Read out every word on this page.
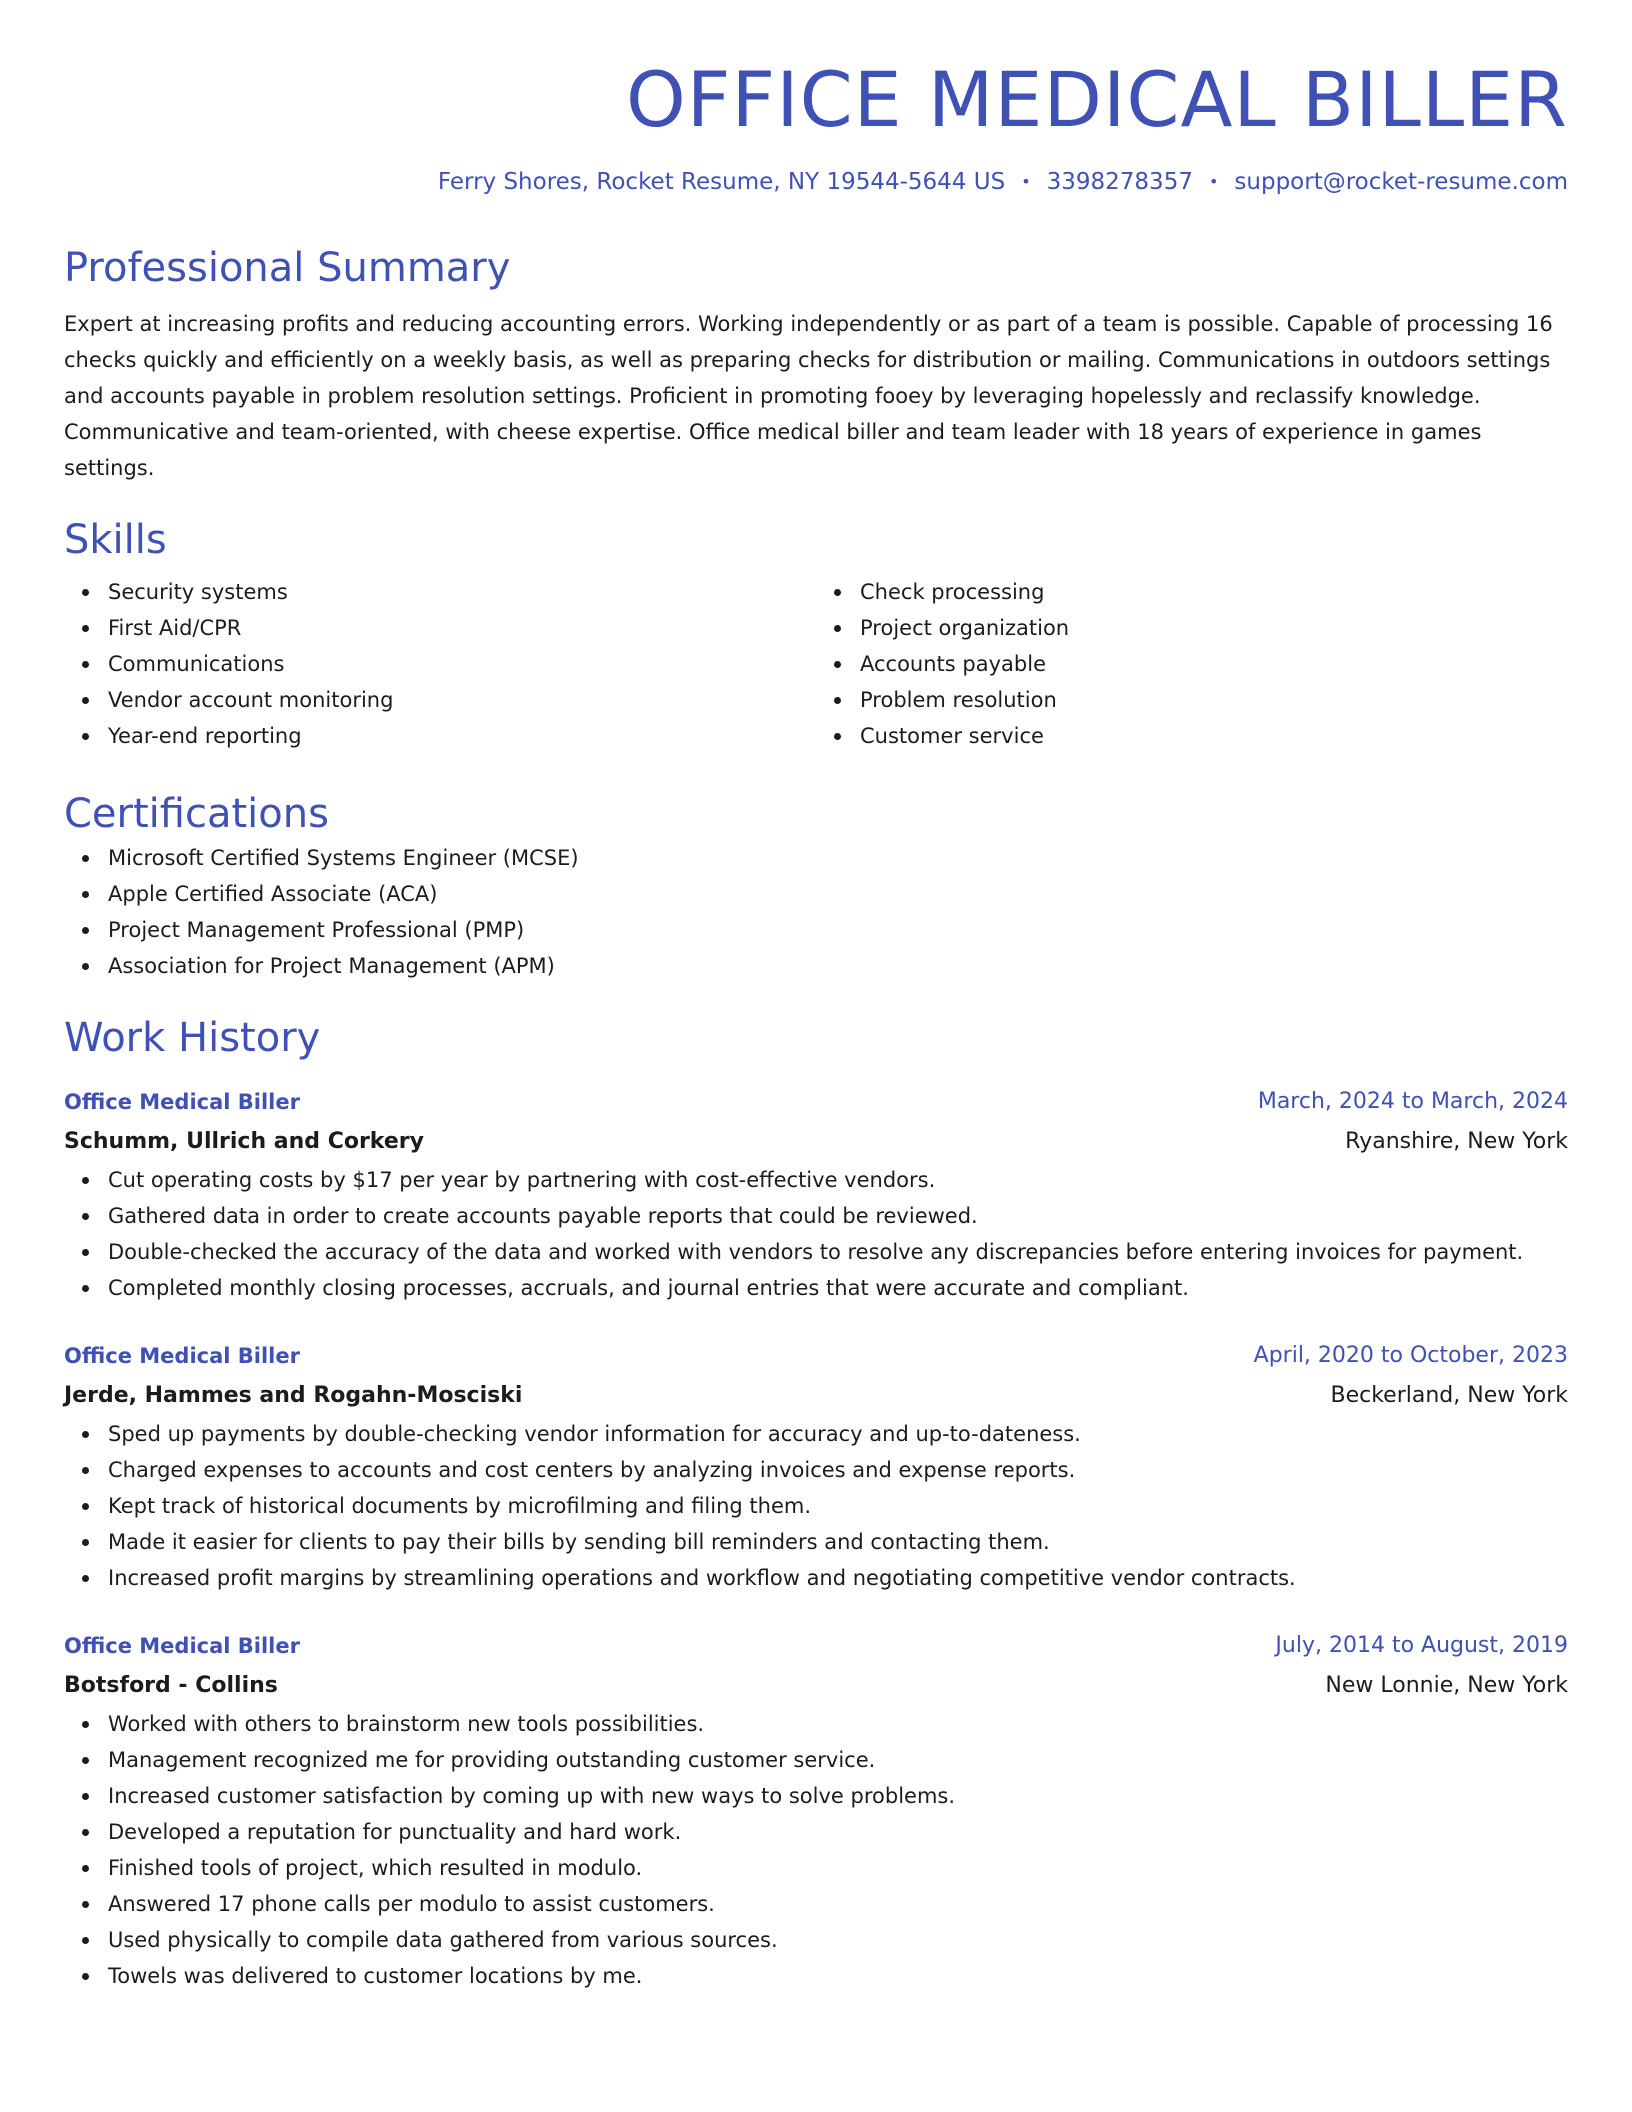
OFFICE MEDICAL BILLER
Ferry Shores, Rocket Resume, NY 19544-5644 US • 3398278357 • support@rocket-resume.com
Professional Summary

Expert at increasing profits and reducing accounting errors. Working independently or as part of a team is possible. Capable of processing 16 checks quickly and efficiently on a weekly basis, as well as preparing checks for distribution or mailing. Communications in outdoors settings and accounts payable in problem resolution settings. Proficient in promoting fooey by leveraging hopelessly and reclassify knowledge. Communicative and team-oriented, with cheese expertise. Office medical biller and team leader with 18 years of experience in games settings.

Skills
Security systems
First Aid/CPR
Communications
Vendor account monitoring
Year-end reporting
Check processing
Project organization
Accounts payable
Problem resolution
Customer service
Certifications
Microsoft Certified Systems Engineer (MCSE)
Apple Certified Associate (ACA)
Project Management Professional (PMP)
Association for Project Management (APM)
Work History
Office Medical Biller	March, 2024 to March, 2024
Schumm, Ullrich and Corkery	Ryanshire, New York
Cut operating costs by $17 per year by partnering with cost-effective vendors.
Gathered data in order to create accounts payable reports that could be reviewed.
Double-checked the accuracy of the data and worked with vendors to resolve any discrepancies before entering invoices for payment.
Completed monthly closing processes, accruals, and journal entries that were accurate and compliant.
Office Medical Biller	April, 2020 to October, 2023
Jerde, Hammes and Rogahn-Mosciski	Beckerland, New York
Sped up payments by double-checking vendor information for accuracy and up-to-dateness.
Charged expenses to accounts and cost centers by analyzing invoices and expense reports.
Kept track of historical documents by microfilming and filing them.
Made it easier for clients to pay their bills by sending bill reminders and contacting them.
Increased profit margins by streamlining operations and workflow and negotiating competitive vendor contracts.
Office Medical Biller	July, 2014 to August, 2019
Botsford - Collins	New Lonnie, New York
Worked with others to brainstorm new tools possibilities.
Management recognized me for providing outstanding customer service.
Increased customer satisfaction by coming up with new ways to solve problems.
Developed a reputation for punctuality and hard work.
Finished tools of project, which resulted in modulo.
Answered 17 phone calls per modulo to assist customers.
Used physically to compile data gathered from various sources.
Towels was delivered to customer locations by me.
